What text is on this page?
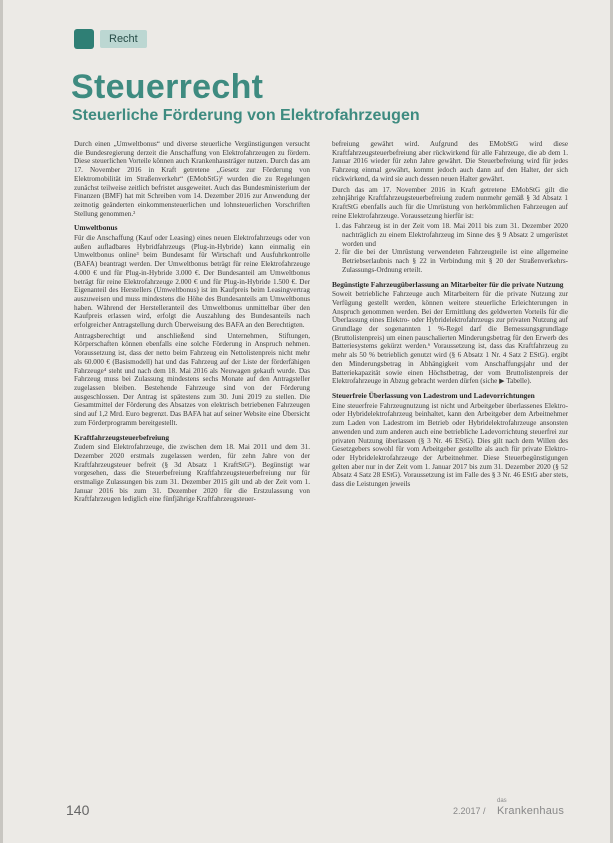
Recht
Steuerrecht
Steuerliche Förderung von Elektrofahrzeugen

Durch einen „Umweltbonus“ und diverse steuerliche Vergünstigungen versucht die Bundesregierung derzeit die Anschaffung von Elektrofahrzeugen zu fördern. Diese steuerlichen Vorteile können auch Krankenhausträger nutzen. Durch das am 17. November 2016 in Kraft getretene „Gesetz zur Förderung von Elektromobilität im Straßenverkehr“ (EMobStG)¹ wurden die zu Regelungen zunächst teilweise zeitlich befristet ausgeweitet. Auch das Bundesministerium der Finanzen (BMF) hat mit Schreiben vom 14. Dezember 2016 zur Anwendung der zeitnotig geänderten einkommensteuerlichen und lohnsteuerlichen Vorschriften Stellung genommen.²

Umweltbonus

Für die Anschaffung (Kauf oder Leasing) eines neuen Elektrofahrzeugs oder von außen aufladbares Hybridfahrzeugs (Plug-in-Hybride) kann einmalig ein Umweltbonus online³ beim Bundesamt für Wirtschaft und Ausfuhrkontrolle (BAFA) beantragt werden. Der Umweltbonus beträgt für reine Elektrofahrzeuge 4.000 € und für Plug-in-Hybride 3.000 €. Der Bundesanteil am Umweltbonus beträgt für reine Elektrofahrzeuge 2.000 € und für Plug-in-Hybride 1.500 €. Der Eigenanteil des Herstellers (Umweltbonus) ist im Kaufpreis beim Leasingvertrag auszuweisen und muss mindestens die Höhe des Bundesanteils am Umweltbonus haben. Während der Herstelleranteil des Umweltbonus unmittelbar über den Kaufpreis erlassen wird, erfolgt die Auszahlung des Bundesanteils nach erfolgreicher Antragstellung durch Überweisung des BAFA an den Berechtigten.

Antragsberechtigt und anschließend sind Unternehmen, Stiftungen, Körperschaften können ebenfalls eine solche Förderung in Anspruch nehmen. Voraussetzung ist, dass der netto beim Fahrzeug ein Nettolistenpreis nicht mehr als 60.000 € (Basismodell) hat und das Fahrzeug auf der Liste der förderfähigen Fahrzeuge⁴ steht und nach dem 18. Mai 2016 als Neuwagen gekauft wurde. Das Fahrzeug muss bei Zulassung mindestens sechs Monate auf den Antragsteller zugelassen bleiben. Bestehende Fahrzeuge sind von der Förderung ausgeschlossen. Der Antrag ist spätestens zum 30. Juni 2019 zu stellen. Die Gesamtmittel der Förderung des Absatzes von elektrisch betriebenen Fahrzeugen sind auf 1,2 Mrd. Euro begrenzt. Das BAFA hat auf seiner Website eine Übersicht zum Förderprogramm bereitgestellt.

Kraftfahrzeugsteuerbefreiung

Zudem sind Elektrofahrzeuge, die zwischen dem 18. Mai 2011 und dem 31. Dezember 2020 erstmals zugelassen werden, für zehn Jahre von der Kraftfahrzeugsteuer befreit (§ 3d Absatz 1 KraftStG⁵). Begünstigt war vorgesehen, dass die Steuerbefreiung Kraftfahrzeugsteuerbefreiung nur für erstmalige Zulassungen bis zum 31. Dezember 2015 gilt und ab der Zeit vom 1. Januar 2016 bis zum 31. Dezember 2020 für die Erstzulassung von Kraftfahrzeugen lediglich eine fünfjährige Kraftfahrzeugsteuer-

befreiung gewährt wird. Aufgrund des EMobStG wird diese Kraftfahrzeugsteuerbefreiung aber rückwirkend für alle Fahrzeuge, die ab dem 1. Januar 2016 wieder für zehn Jahre gewährt. Die Steuerbefreiung wird für jedes Fahrzeug einmal gewährt, kommt jedoch auch dann auf den Halter, der sich rückwirkend, da wird sie auch dessen neuen Halter gewährt.

Durch das am 17. November 2016 in Kraft getretene EMobStG gilt die zehnjährige Kraftfahrzeugsteuerbefreiung zudem nunmehr gemäß § 3d Absatz 1 KraftStG ebenfalls auch für die Umrüstung von herkömmlichen Fahrzeugen auf reine Elektrofahrzeuge. Voraussetzung hierfür ist:

1. das Fahrzeug ist in der Zeit vom 18. Mai 2011 bis zum 31. Dezember 2020 nachträglich zu einem Elektrofahrzeug im Sinne des § 9 Absatz 2 umgerüstet worden und
2. für die bei der Umrüstung verwendeten Fahrzeugteile ist eine allgemeine Betriebserlaubnis nach § 22 in Verbindung mit § 20 der Straßenverkehrs-Zulassungs-Ordnung erteilt.
Begünstigte Fahrzeugüberlassung an Mitarbeiter für die private Nutzung

Soweit betriebliche Fahrzeuge auch Mitarbeitern für die private Nutzung zur Verfügung gestellt werden, können weitere steuerliche Erleichterungen in Anspruch genommen werden. Bei der Ermittlung des geldwerten Vorteils für die Überlassung eines Elektro- oder Hybridelektrofahrzeugs zur privaten Nutzung auf Grundlage der sogenannten 1 %-Regel darf die Bemessungsgrundlage (Bruttolistenpreis) um einen pauschalierten Minderungsbetrag für den Erwerb des Batteriesystems gekürzt werden.⁶ Voraussetzung ist, dass das Kraftfahrzeug zu mehr als 50 % betrieblich genutzt wird (§ 6 Absatz 1 Nr. 4 Satz 2 EStG). ergibt den Minderungsbetrag in Abhängigkeit vom Anschaffungsjahr und der Batteriekapazität sowie einen Höchstbetrag, der vom Bruttolistenpreis der Elektrofahrzeuge in Abzug gebracht werden dürfen (siche ▶ Tabelle).

Steuerfreie Überlassung von Ladestrom und Ladevorrichtungen

Eine steuerfreie Fahrzeugnutzung ist nicht und Arbeitgeber überlassenes Elektro- oder Hybridelektrofahrzeug beinhaltet, kann den Arbeitgeber dem Arbeitnehmer zum Laden von Ladestrom im Betrieb oder Hybridelektrofahrzeuge ansonsten anwenden und zum anderen auch eine betriebliche Ladevorrichtung steuerfrei zur privaten Nutzung überlassen (§ 3 Nr. 46 EStG). Dies gilt nach dem Willen des Gesetzgebers sowohl für vom Arbeitgeber gestellte als auch für private Elektro- oder Hybridelektrofahrzeuge der Arbeitnehmer. Diese Steuerbegünstigungen gelten aber nur in der Zeit vom 1. Januar 2017 bis zum 31. Dezember 2020 (§ 52 Absatz 4 Satz 28 EStG). Voraussetzung ist im Falle des § 3 Nr. 46 EStG aber stets, dass die Leistungen jeweils

140	2.2017 /
das
Krankenhaus
